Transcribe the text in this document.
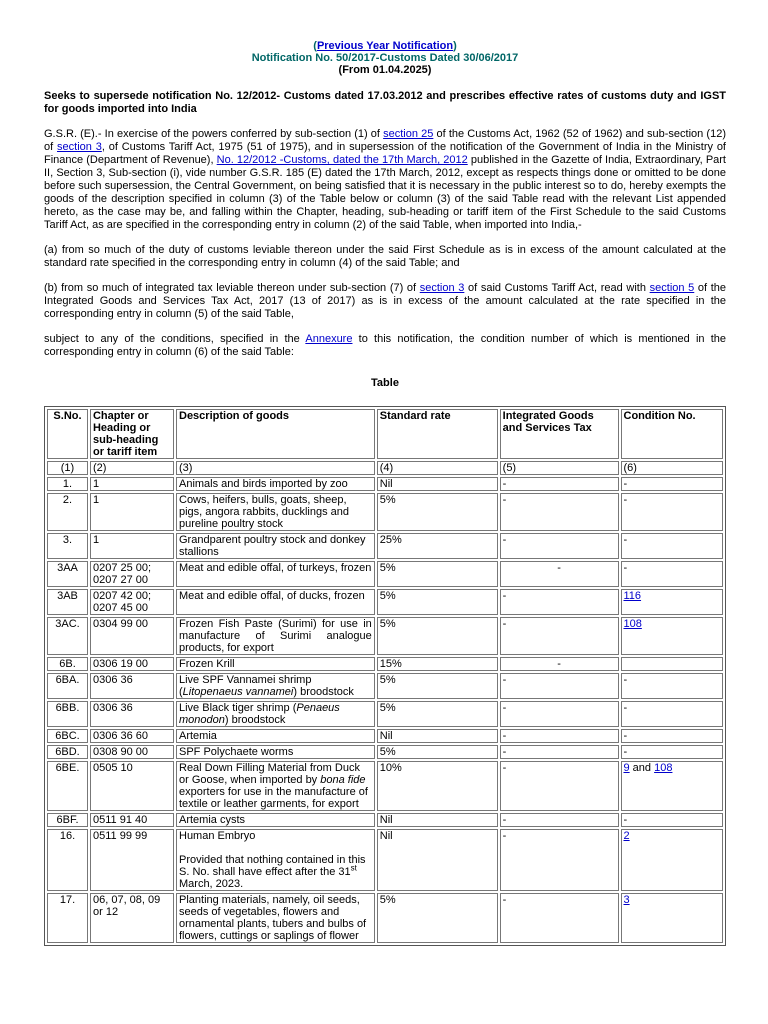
(Previous Year Notification)
Notification No. 50/2017-Customs Dated 30/06/2017
(From 01.04.2025)

Seeks to supersede notification No. 12/2012- Customs dated 17.03.2012 and prescribes effective rates of customs duty and IGST for goods imported into India

G.S.R. (E).- In exercise of the powers conferred by sub-section (1) of section 25 of the Customs Act, 1962 (52 of 1962) and sub-section (12) of section 3, of Customs Tariff Act, 1975 (51 of 1975), and in supersession of the notification of the Government of India in the Ministry of Finance (Department of Revenue), No. 12/2012 -Customs, dated the 17th March, 2012 published in the Gazette of India, Extraordinary, Part II, Section 3, Sub-section (i), vide number G.S.R. 185 (E) dated the 17th March, 2012, except as respects things done or omitted to be done before such supersession, the Central Government, on being satisfied that it is necessary in the public interest so to do, hereby exempts the goods of the description specified in column (3) of the Table below or column (3) of the said Table read with the relevant List appended hereto, as the case may be, and falling within the Chapter, heading, sub-heading or tariff item of the First Schedule to the said Customs Tariff Act, as are specified in the corresponding entry in column (2) of the said Table, when imported into India,-

(a) from so much of the duty of customs leviable thereon under the said First Schedule as is in excess of the amount calculated at the standard rate specified in the corresponding entry in column (4) of the said Table; and

(b) from so much of integrated tax leviable thereon under sub-section (7) of section 3 of said Customs Tariff Act, read with section 5 of the Integrated Goods and Services Tax Act, 2017 (13 of 2017) as is in excess of the amount calculated at the rate specified in the corresponding entry in column (5) of the said Table,

subject to any of the conditions, specified in the Annexure to this notification, the condition number of which is mentioned in the corresponding entry in column (6) of the said Table:

Table
S.No.	Chapter or Heading or sub-heading or tariff item	Description of goods	Standard rate	Integrated Goods and Services Tax	Condition No.
(1)	(2)	(3)	(4)	(5)	(6)
1.	1	Animals and birds imported by zoo	Nil	-	-
2.	1	Cows, heifers, bulls, goats, sheep, pigs, angora rabbits, ducklings and pureline poultry stock	5%	-	-
3.	1	Grandparent poultry stock and donkey stallions	25%	-	-
3AA	0207 25 00; 0207 27 00	Meat and edible offal, of turkeys, frozen	5%	-	-
3AB	0207 42 00; 0207 45 00	Meat and edible offal, of ducks, frozen	5%	-	116
3AC.	0304 99 00	Frozen Fish Paste (Surimi) for use in manufacture of Surimi analogue products, for export	5%	-	108
6B.	0306 19 00	Frozen Krill	15%	-	
6BA.	0306 36	Live SPF Vannamei shrimp (Litopenaeus vannamei) broodstock	5%	-	-
6BB.	0306 36	Live Black tiger shrimp (Penaeus monodon) broodstock	5%	-	-
6BC.	0306 36 60	Artemia	Nil	-	-
6BD.	0308 90 00	SPF Polychaete worms	5%	-	-
6BE.	0505 10	Real Down Filling Material from Duck or Goose, when imported by bona fide exporters for use in the manufacture of textile or leather garments, for export	10%	-	9 and 108
6BF.	0511 91 40	Artemia cysts	Nil	-	-
16.	0511 99 99	Human Embryo
Provided that nothing contained in this S. No. shall have effect after the 31st March, 2023.	Nil	-	2
17.	06, 07, 08, 09 or 12	Planting materials, namely, oil seeds, seeds of vegetables, flowers and ornamental plants, tubers and bulbs of flowers, cuttings or saplings of flower	5%	-	3
